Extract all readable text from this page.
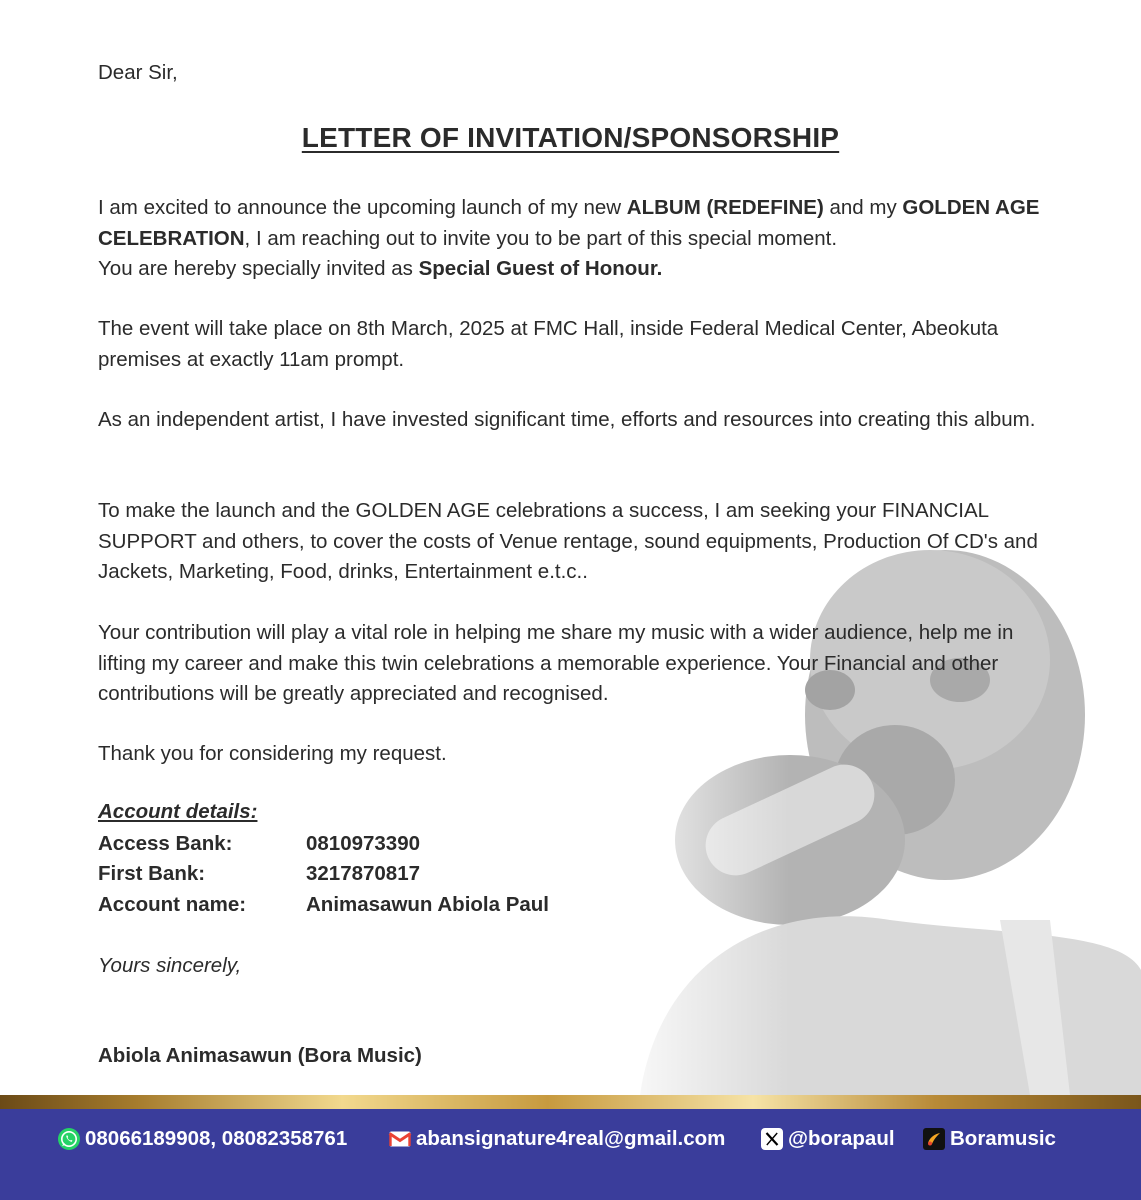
Dear Sir,
LETTER OF INVITATION/SPONSORSHIP
I am excited to announce the upcoming launch of my new ALBUM (REDEFINE) and my GOLDEN AGE CELEBRATION, I am reaching out to invite you to be part of this special moment.
You are hereby specially invited as Special Guest of Honour.
The event will take place on 8th March, 2025 at FMC Hall, inside Federal Medical Center, Abeokuta premises at exactly 11am prompt.
As an independent artist, I have invested significant time, efforts and resources into creating this album.
To make the launch and the GOLDEN AGE celebrations a success, I am seeking your FINANCIAL SUPPORT and others, to cover the costs of Venue rentage, sound equipments, Production Of CD's and Jackets, Marketing, Food, drinks, Entertainment e.t.c..
Your contribution will play a vital role in helping me share my music with a wider audience, help me in lifting my career and make this twin celebrations a memorable experience. Your Financial and other contributions will be greatly appreciated and recognised.
Thank you for considering my request.
Account details:
Access Bank:	0810973390
First Bank:	3217870817
Account name:	Animasawun Abiola Paul
Yours sincerely,
Abiola Animasawun (Bora Music)
08066189908, 08082358761	abansignature4real@gmail.com	@borapaul	Boramusic
